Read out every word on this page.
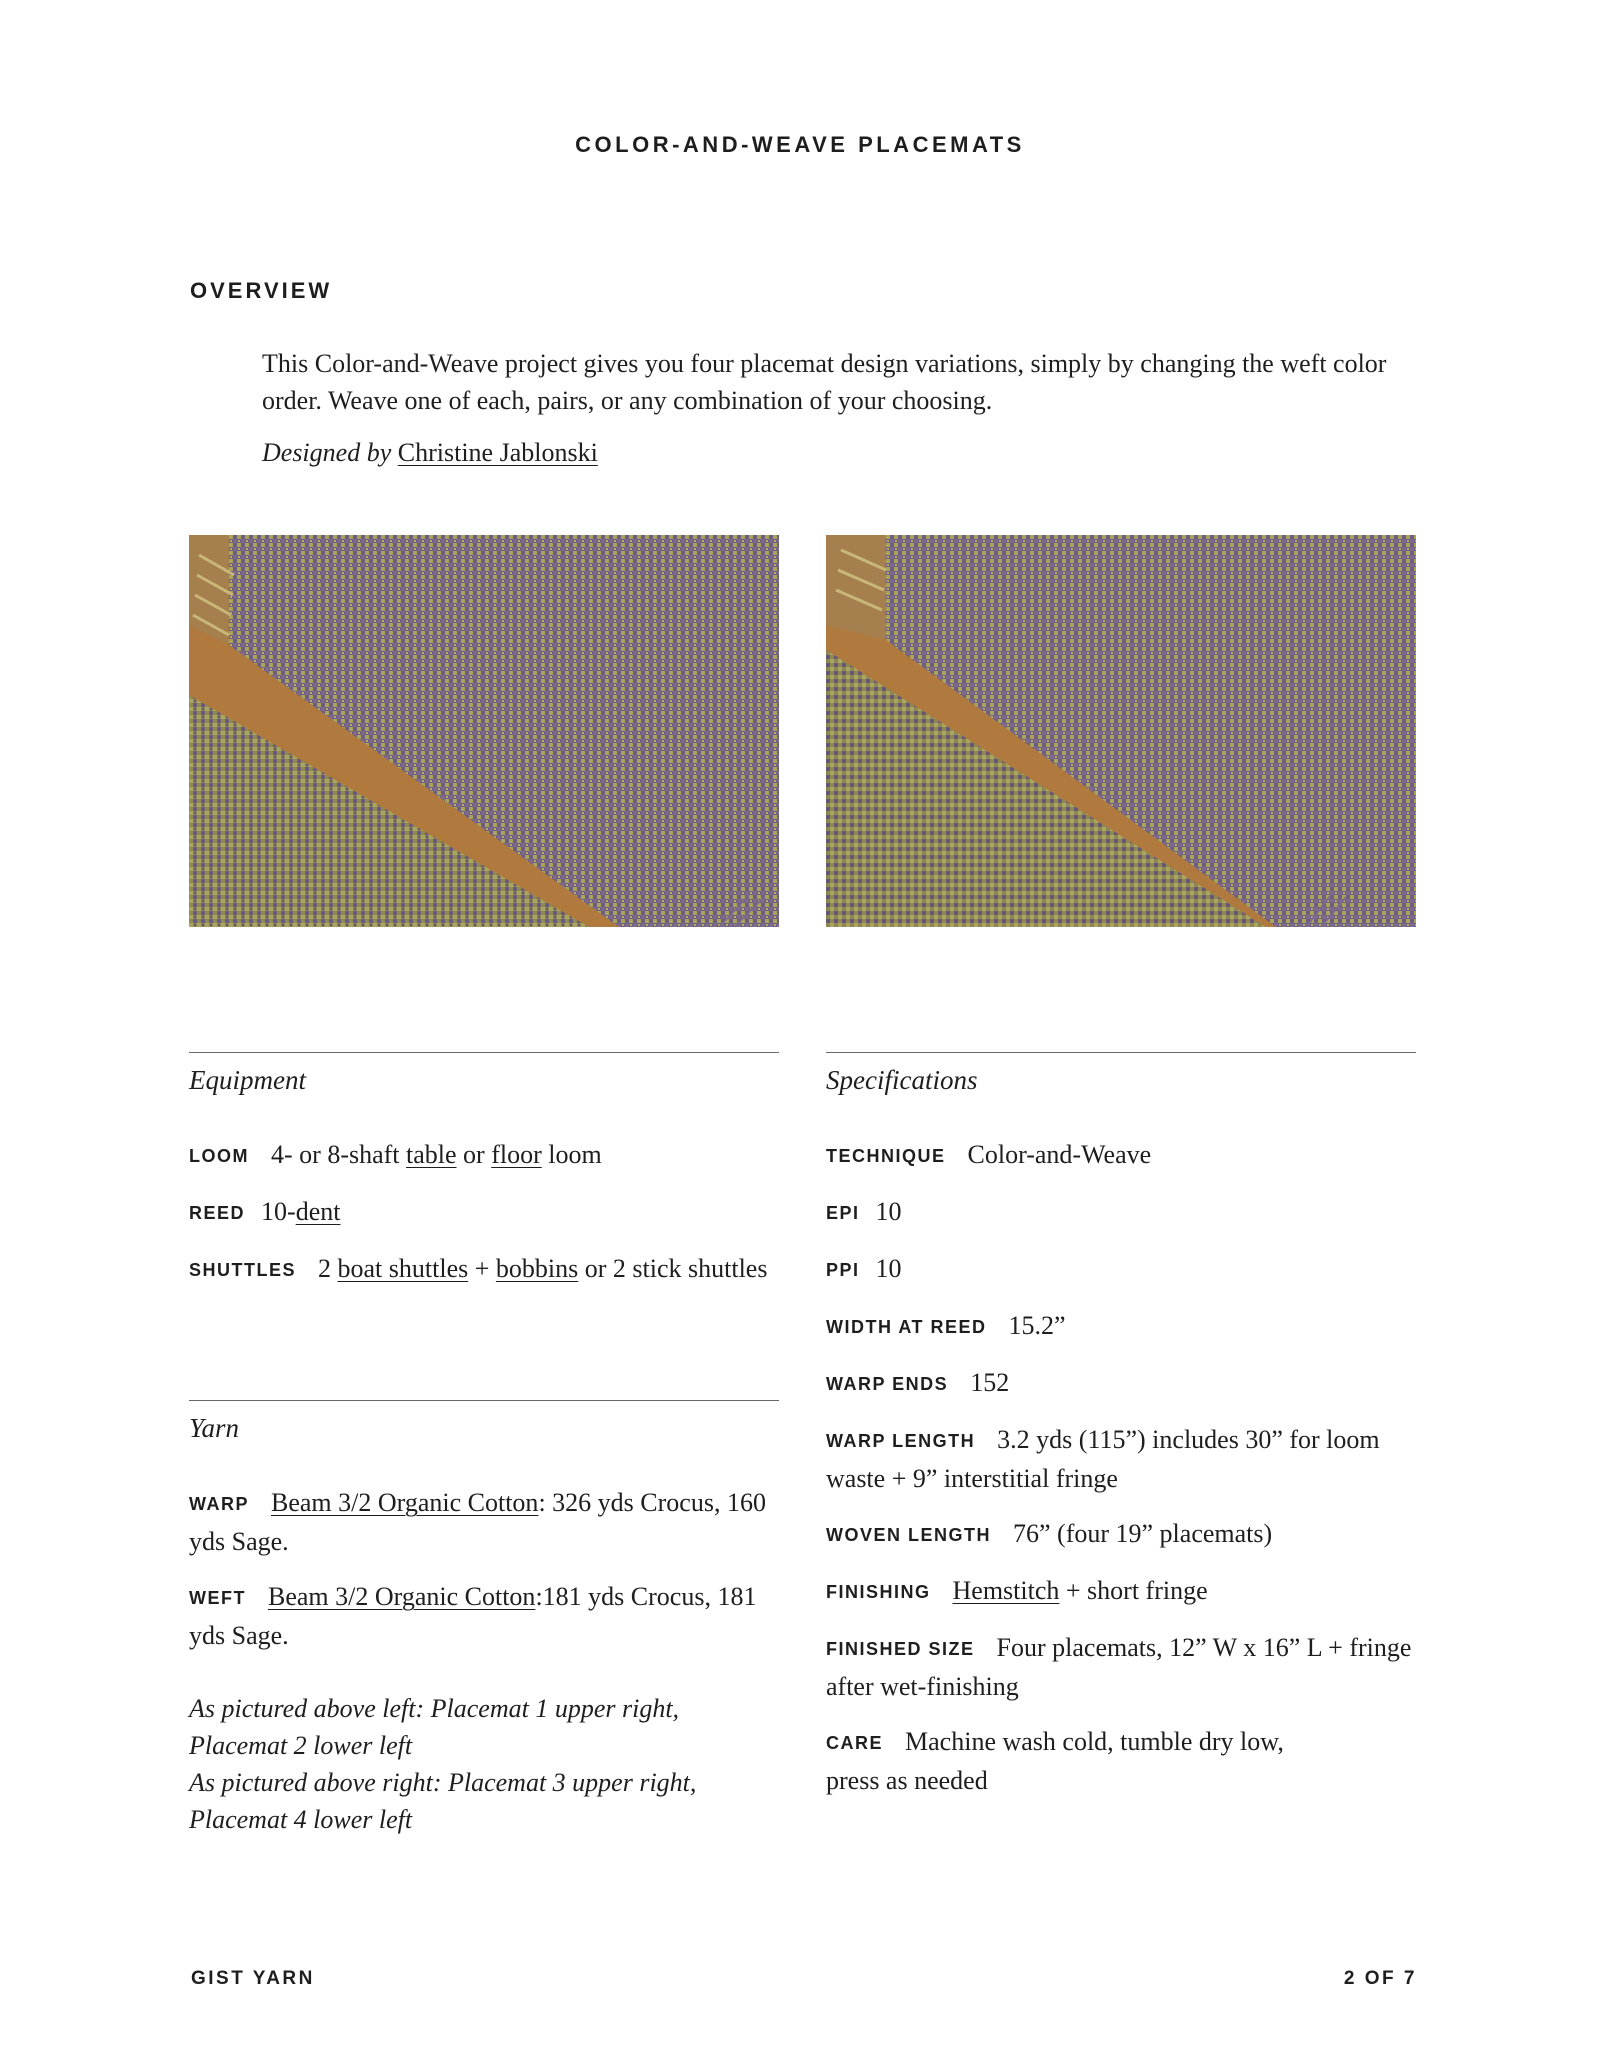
COLOR-AND-WEAVE PLACEMATS
OVERVIEW
This Color-and-Weave project gives you four placemat design variations, simply by changing the weft color order. Weave one of each, pairs, or any combination of your choosing.
Designed by Christine Jablonski
Equipment
LOOM 4- or 8-shaft table or floor loom
REED 10-dent
SHUTTLES 2 boat shuttles + bobbins or 2 stick shuttles
Yarn
WARP Beam 3/2 Organic Cotton: 326 yds Crocus, 160 yds Sage.
WEFT Beam 3/2 Organic Cotton:181 yds Crocus, 181 yds Sage.
As pictured above left: Placemat 1 upper right,
Placemat 2 lower left
As pictured above right: Placemat 3 upper right,
Placemat 4 lower left
Specifications
TECHNIQUE Color-and-Weave
EPI 10
PPI 10
WIDTH AT REED 15.2”
WARP ENDS 152
WARP LENGTH 3.2 yds (115”) includes 30” for loom waste + 9” interstitial fringe
WOVEN LENGTH 76” (four 19” placemats)
FINISHING Hemstitch + short fringe
FINISHED SIZE Four placemats, 12” W x 16” L + fringe after wet-finishing
CARE Machine wash cold, tumble dry low,
press as needed
GIST YARN	2 OF 7
